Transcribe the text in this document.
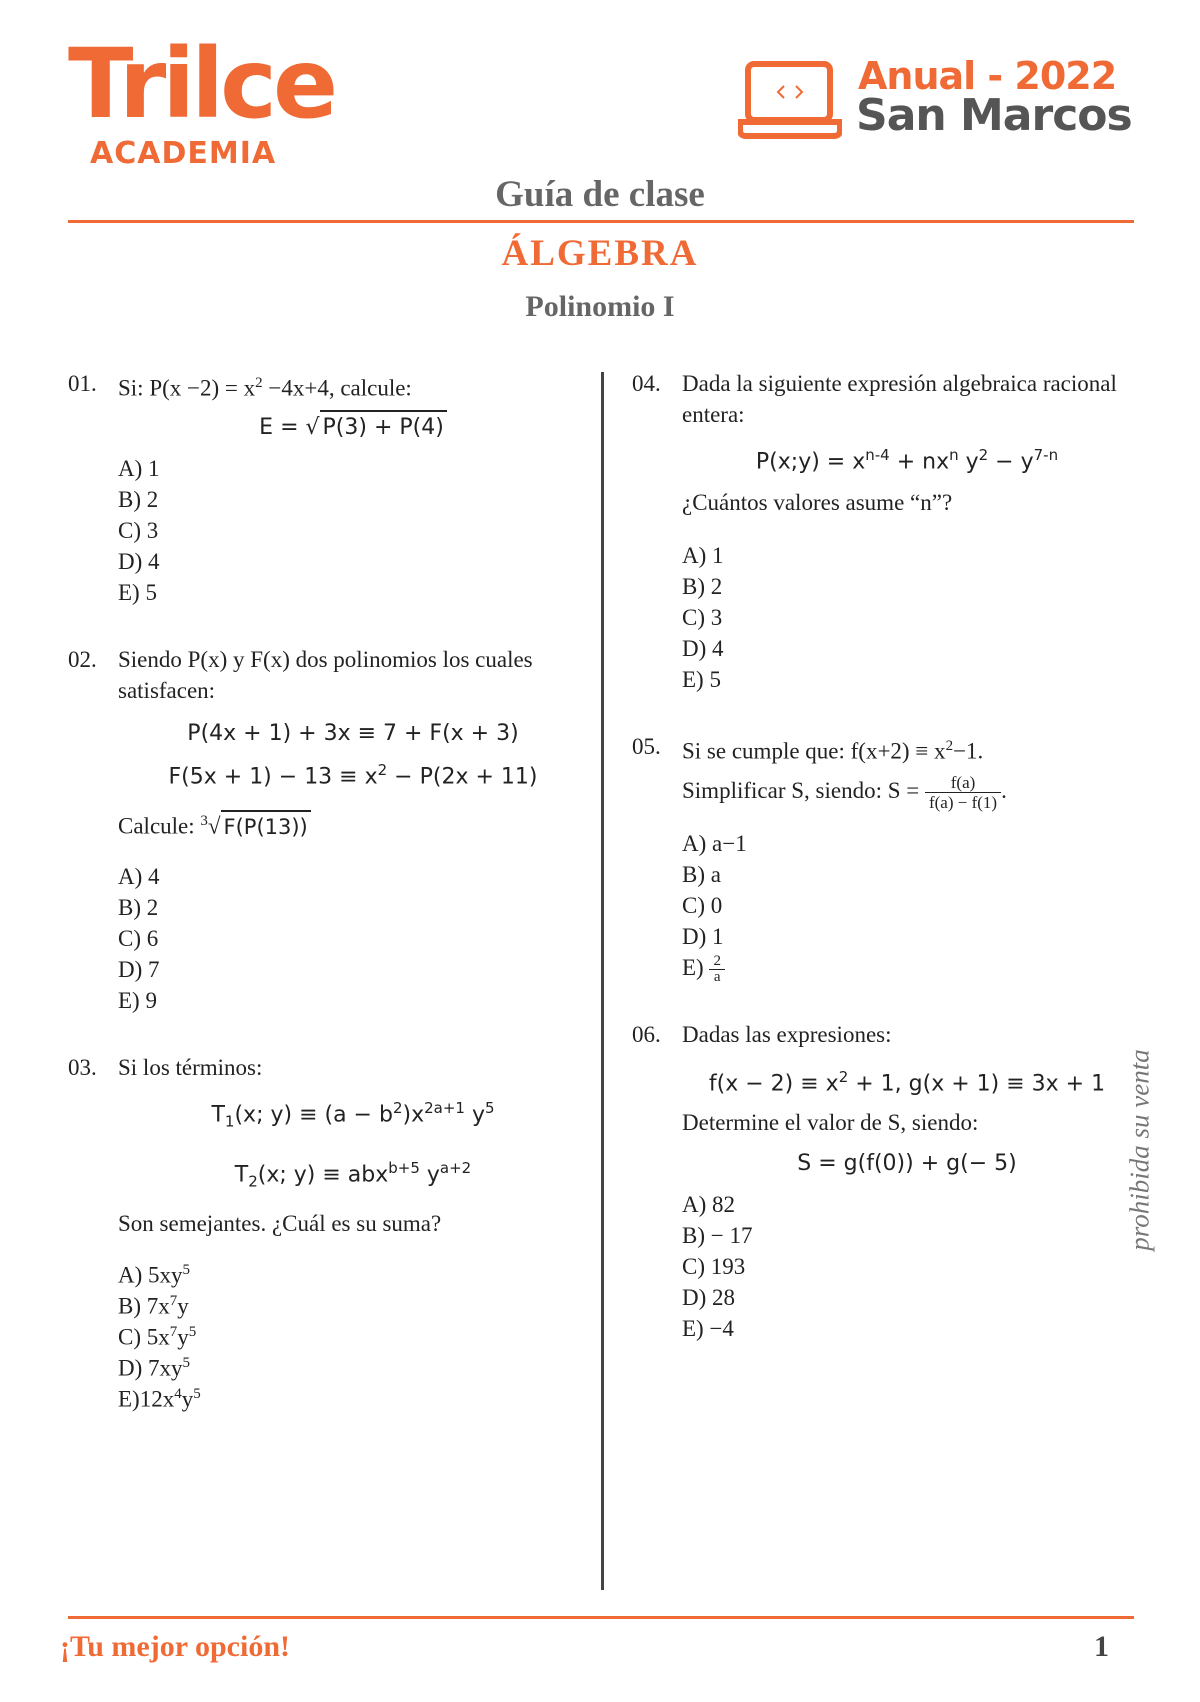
Trilce
ACADEMIA
Anual - 2022
San Marcos
Guía de clase
ÁLGEBRA
Polinomio I
01. Si: $P(x -2) = x^2 -4x+4$, calcule:
E = √ P(3) + P(4)
A) 1
B) 2
C) 3
D) 4
E) 5
02. Siendo P(x) y F(x) dos polinomios los cuales satisfacen:
P(4x + 1) + 3x ≡ 7 + F(x + 3)
$F(5x + 1) - 13 \equiv x^2 - P(2x + 11)$
Calcule: $^3$√ F(P(13))
A) 4
B) 2
C) 6
D) 7
E) 9
03. Si los términos:
$T_1(x$; $y) \equiv (a - b^2)x^{2a+1}$ $y^5$
$T_2(x$; y) ≡ abx$^{b+5}$ $y^{a+2}$
Son semejantes. ¿Cuál es su suma?
A) $5xy^5$
B) $7x^7y$
C) $5x^7y^5$
D) $7xy^5$
$E)12x^4y^5$
04. Dada la siguiente expresión algebraica racional entera:
P(x;y) = $x^{n-4} + nx^n$ $y^2 - y^{7-n}$
¿Cuántos valores asume “n”?
A) 1
B) 2
C) 3
D) 4
E) 5
05. Si se cumple que: $f(x+2) \equiv x^2-1$.
Simplificar S, siendo: $S = \frac{f(a)}{f(a) - f(1)}$ .
A) a−1
B) a
C) 0
D) 1
$E) \frac{2}{a}$
06. Dadas las expresiones:
$f(x - 2) \equiv x^2 + 1$, g(x + 1) ≡ 3x + 1
Determine el valor de S, siendo:
S = g(f(0)) + g(− 5)
A) 82
B) − 17
C) 193
D) 28
E) −4
prohibida su venta
¡Tu mejor opción!	1
